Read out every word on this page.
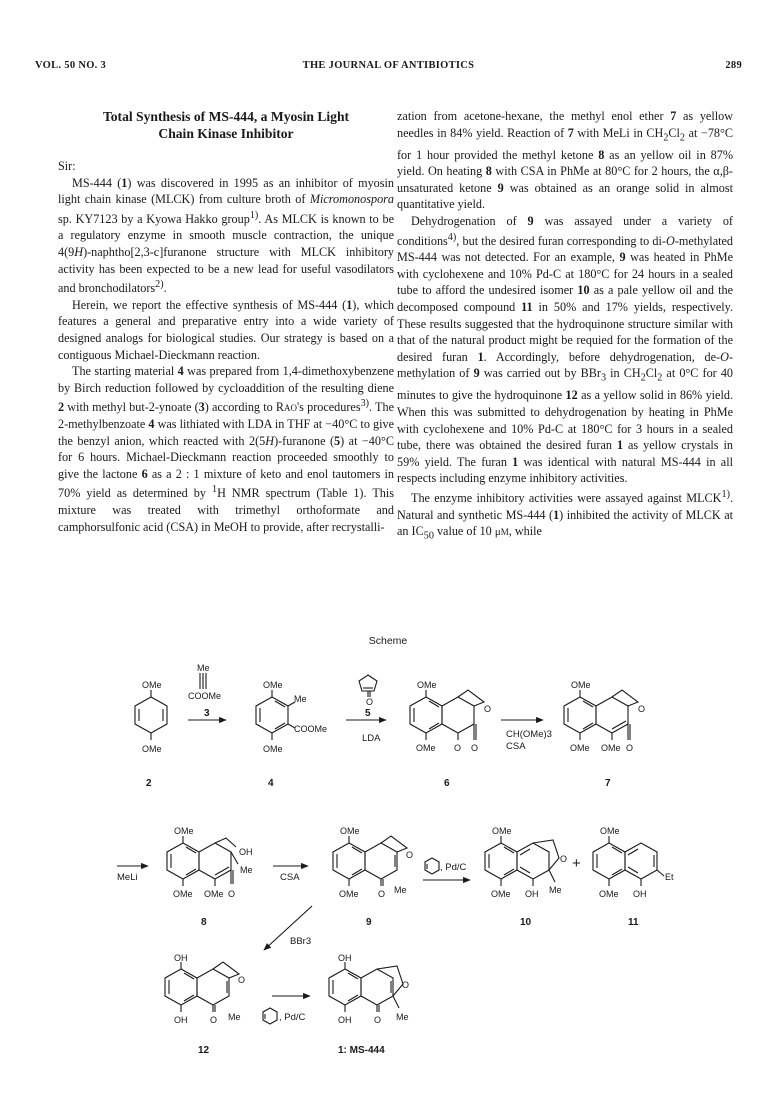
VOL. 50 NO. 3	THE JOURNAL OF ANTIBIOTICS	289
Total Synthesis of MS-444, a Myosin Light
Chain Kinase Inhibitor

Sir:

MS-444 (1) was discovered in 1995 as an inhibitor of myosin light chain kinase (MLCK) from culture broth of Micromonospora sp. KY7123 by a Kyowa Hakko group$^{1)}$. As MLCK is known to be a regulatory enzyme in smooth muscle contraction, the unique 4(9H)-naphtho[2,3-c]furanone structure with MLCK inhibitory activity has been expected to be a new lead for useful vasodilators and bronchodilators$^{2)}$.

Herein, we report the effective synthesis of MS-444 (1), which features a general and preparative entry into a wide variety of designed analogs for biological studies. Our strategy is based on a contiguous Michael-Dieckmann reaction.

The starting material 4 was prepared from 1,4-dimethoxybenzene by Birch reduction followed by cycloaddition of the resulting diene 2 with methyl but-2-ynoate (3) according to Rao's procedures$^{3)}$. The 2-methylbenzoate 4 was lithiated with LDA in THF at −40°C to give the benzyl anion, which reacted with 2(5H)-furanone (5) at −40°C for 6 hours. Michael-Dieckmann reaction proceeded smoothly to give the lactone 6 as a 2 : 1 mixture of keto and enol tautomers in 70% yield as determined by $^1$H NMR spectrum (Table 1). This mixture was treated with trimethyl orthoformate and camphorsulfonic acid (CSA) in MeOH to provide, after recrystalli-

zation from acetone-hexane, the methyl enol ether 7 as yellow needles in 84% yield. Reaction of 7 with MeLi in $CH_2Cl_2$ at −78°C for 1 hour provided the methyl ketone 8 as an yellow oil in 87% yield. On heating 8 with CSA in PhMe at 80°C for 2 hours, the α,β-unsaturated ketone 9 was obtained as an orange solid in almost quantitative yield.

Dehydrogenation of 9 was assayed under a variety of conditions$^{4)}$, but the desired furan corresponding to di-O-methylated MS-444 was not detected. For an example, 9 was heated in PhMe with cyclohexene and 10% Pd-C at 180°C for 24 hours in a sealed tube to afford the undesired isomer 10 as a pale yellow oil and the decomposed compound 11 in 50% and 17% yields, respectively. These results suggested that the hydroquinone structure similar with that of the natural product might be requied for the formation of the desired furan 1. Accordingly, before dehydrogenation, de-O-methylation of 9 was carried out by BBr$_3$ in $CH_2Cl_2$ at 0°C for 40 minutes to give the hydroquinone 12 as a yellow solid in 86% yield. When this was submitted to dehydrogenation by heating in PhMe with cyclohexene and 10% Pd-C at 180°C for 3 hours in a sealed tube, there was obtained the desired furan 1 as yellow crystals in 59% yield. The furan 1 was identical with natural MS-444 in all respects including enzyme inhibitory activities.

The enzyme inhibitory activities were assayed against MLCK$^{1)}$. Natural and synthetic MS-444 (1) inhibited the activity of MLCK at an $IC_{50}$ value of 10 μm, while

Scheme
OMe
OMe
Me
COOMe
OMe
Me
COOMe
OMe
O
OMe
O
OMe O O
OMe
O
OMe OMe O
LDA	CH(OMe)3
CSA
2
3
4
5
6	7
OMe
OH
Me
OMe OMe O
OMe
O
OMe O Me
OMe
O
OMe OH Me
OMe
Et
OMe OH
+
MeLi	CSA
, Pd/C
BBr3
, Pd/C
8	9	10	11
OH
O
OH	O Me
OH
O
OH	O Me
12	1: MS-444
